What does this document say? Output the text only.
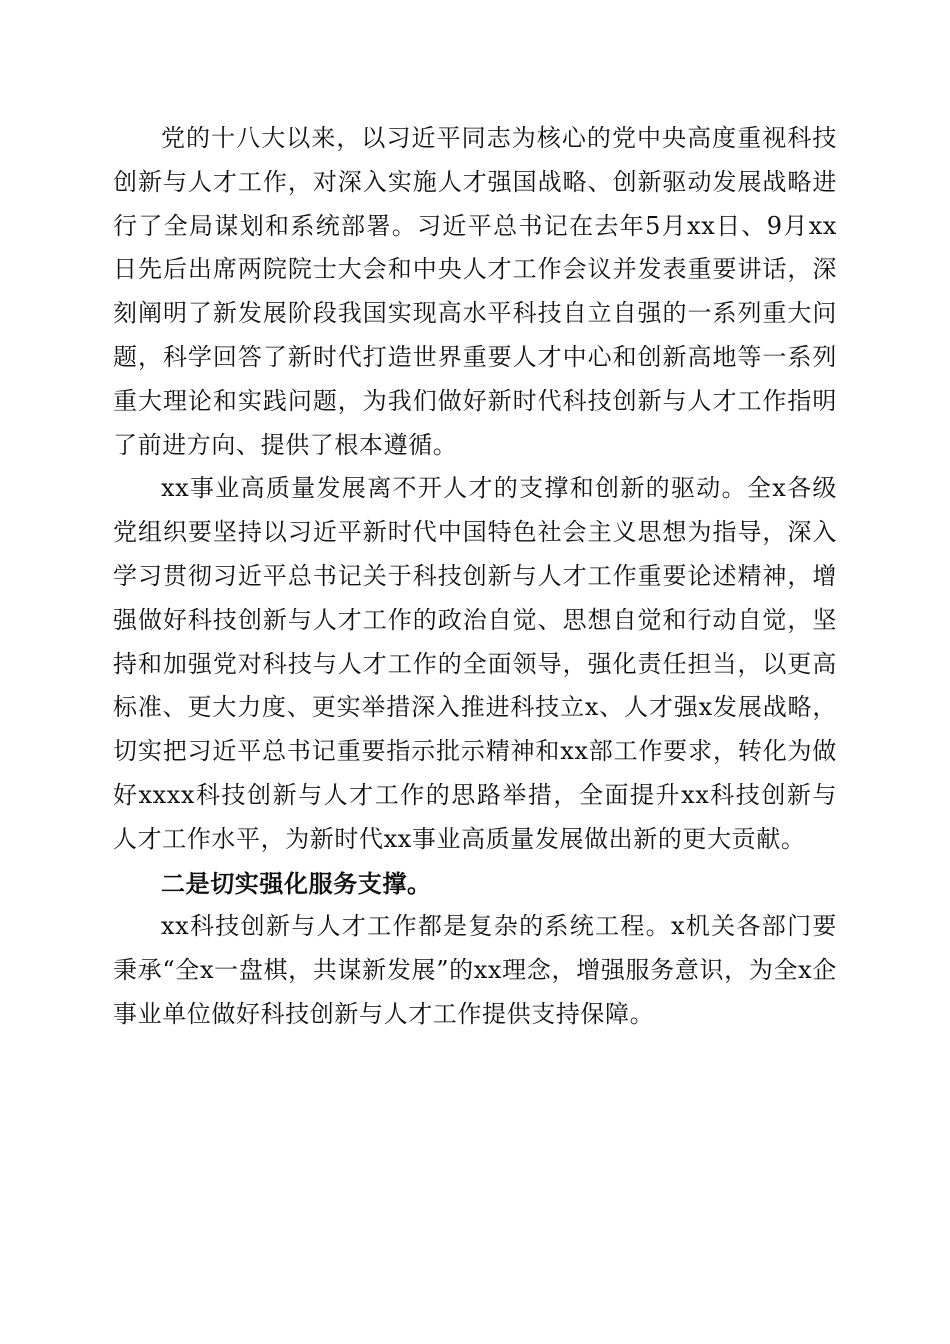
党的十八大以来，以习近平同志为核心的党中央高度重视科技创新与人才工作，对深入实施人才强国战略、创新驱动发展战略进行了全局谋划和系统部署。习近平总书记在去年5月xx日、9月xx日先后出席两院院士大会和中央人才工作会议并发表重要讲话，深刻阐明了新发展阶段我国实现高水平科技自立自强的一系列重大问题，科学回答了新时代打造世界重要人才中心和创新高地等一系列重大理论和实践问题，为我们做好新时代科技创新与人才工作指明了前进方向、提供了根本遵循。

xx事业高质量发展离不开人才的支撑和创新的驱动。全x各级党组织要坚持以习近平新时代中国特色社会主义思想为指导，深入学习贯彻习近平总书记关于科技创新与人才工作重要论述精神，增强做好科技创新与人才工作的政治自觉、思想自觉和行动自觉，坚持和加强党对科技与人才工作的全面领导，强化责任担当，以更高标准、更大力度、更实举措深入推进科技立x、人才强x发展战略，切实把习近平总书记重要指示批示精神和xx部工作要求，转化为做好xxxx科技创新与人才工作的思路举措，全面提升xx科技创新与人才工作水平，为新时代xx事业高质量发展做出新的更大贡献。

二是切实强化服务支撑。

xx科技创新与人才工作都是复杂的系统工程。x机关各部门要秉承“全x一盘棋，共谋新发展”的xx理念，增强服务意识，为全x企事业单位做好科技创新与人才工作提供支持保障。
